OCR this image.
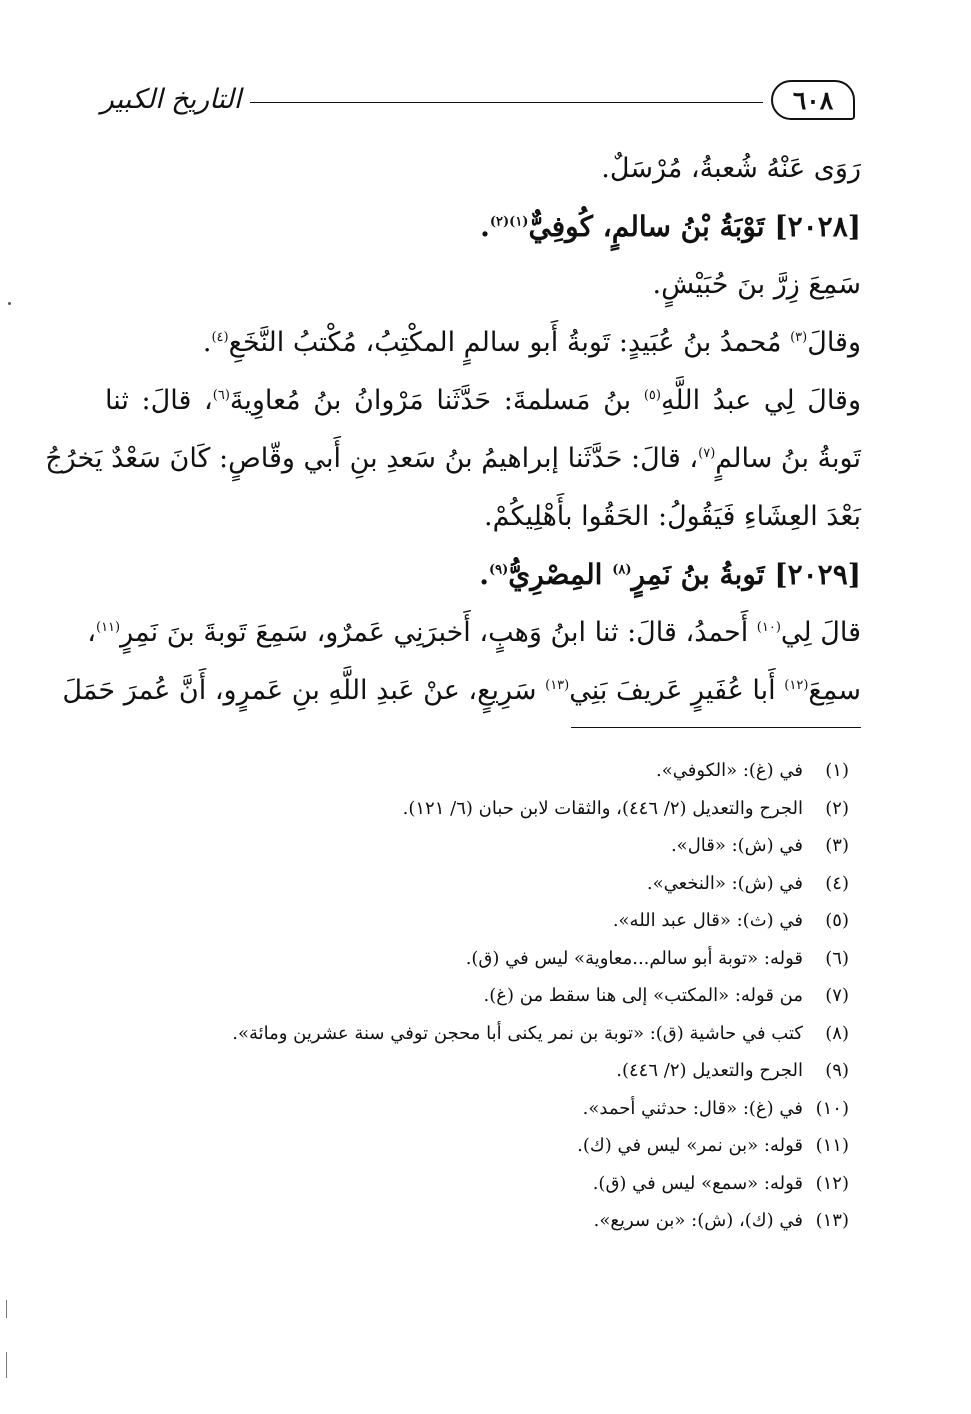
٦٠٨
التاريخ الكبير
رَوَى عَنْهُ شُعبةُ، مُرْسَلٌ.
[٢٠٢٨] تَوْبَةُ بْنُ سالمٍ، كُوفِيٌّ$^{(١)(٢)}$.
سَمِعَ زِرَّ بنَ حُبَيْشٍ.
وقالَ$^{(٣)}$ مُحمدُ بنُ عُبَيدٍ: تَوبةُ أَبو سالمٍ المكْتِبُ، مُكْتبُ النَّخَعِ$^{(٤)}$.
وقالَ لِي عبدُ اللَّهِ$^{(٥)}$ بنُ مَسلمةَ: حَدَّثَنا مَرْوانُ بنُ مُعاوِيةَ$^{(٦)}$، قالَ: ثنا
تَوبةُ بنُ سالمٍ$^{(٧)}$، قالَ: حَدَّثَنا إبراهيمُ بنُ سَعدِ بنِ أَبي وقّاصٍ: كَانَ سَعْدٌ يَخرُجُ
بَعْدَ العِشَاءِ فَيَقُولُ: الحَقُوا بأَهْلِيكُمْ.
[٢٠٢٩] تَوبةُ بنُ نَمِرٍ$^{(٨)}$ المِصْرِيُّ$^{(٩)}$.
قالَ لِي$^{(١٠)}$ أَحمدُ، قالَ: ثنا ابنُ وَهبٍ، أَخبرَنِي عَمرٌو، سَمِعَ تَوبةَ بنَ نَمِرٍ$^{(١١)}$،
سمِعَ$^{(١٢)}$ أَبا عُفَيرٍ عَريفَ بَنِي$^{(١٣)}$ سَرِيعٍ، عنْ عَبدِ اللَّهِ بنِ عَمرٍو، أَنَّ عُمرَ حَمَلَ
(١)
في (غ): «الكوفي».
(٢)
الجرح والتعديل (٢/ ٤٤٦)، والثقات لابن حبان (٦/ ١٢١).
(٣)
في (ش): «قال».
(٤)
في (ش): «النخعي».
(٥)
في (ث): «قال عبد الله».
(٦)
قوله: «توبة أبو سالم...معاوية» ليس في (ق).
(٧)
من قوله: «المكتب» إلى هنا سقط من (غ).
(٨)
كتب في حاشية (ق): «توبة بن نمر يكنى أبا محجن توفي سنة عشرين ومائة».
(٩)
الجرح والتعديل (٢/ ٤٤٦).
(١٠)
في (غ): «قال: حدثني أحمد».
(١١)
قوله: «بن نمر» ليس في (ك).
(١٢)
قوله: «سمع» ليس في (ق).
(١٣)
في (ك)، (ش): «بن سريع».
